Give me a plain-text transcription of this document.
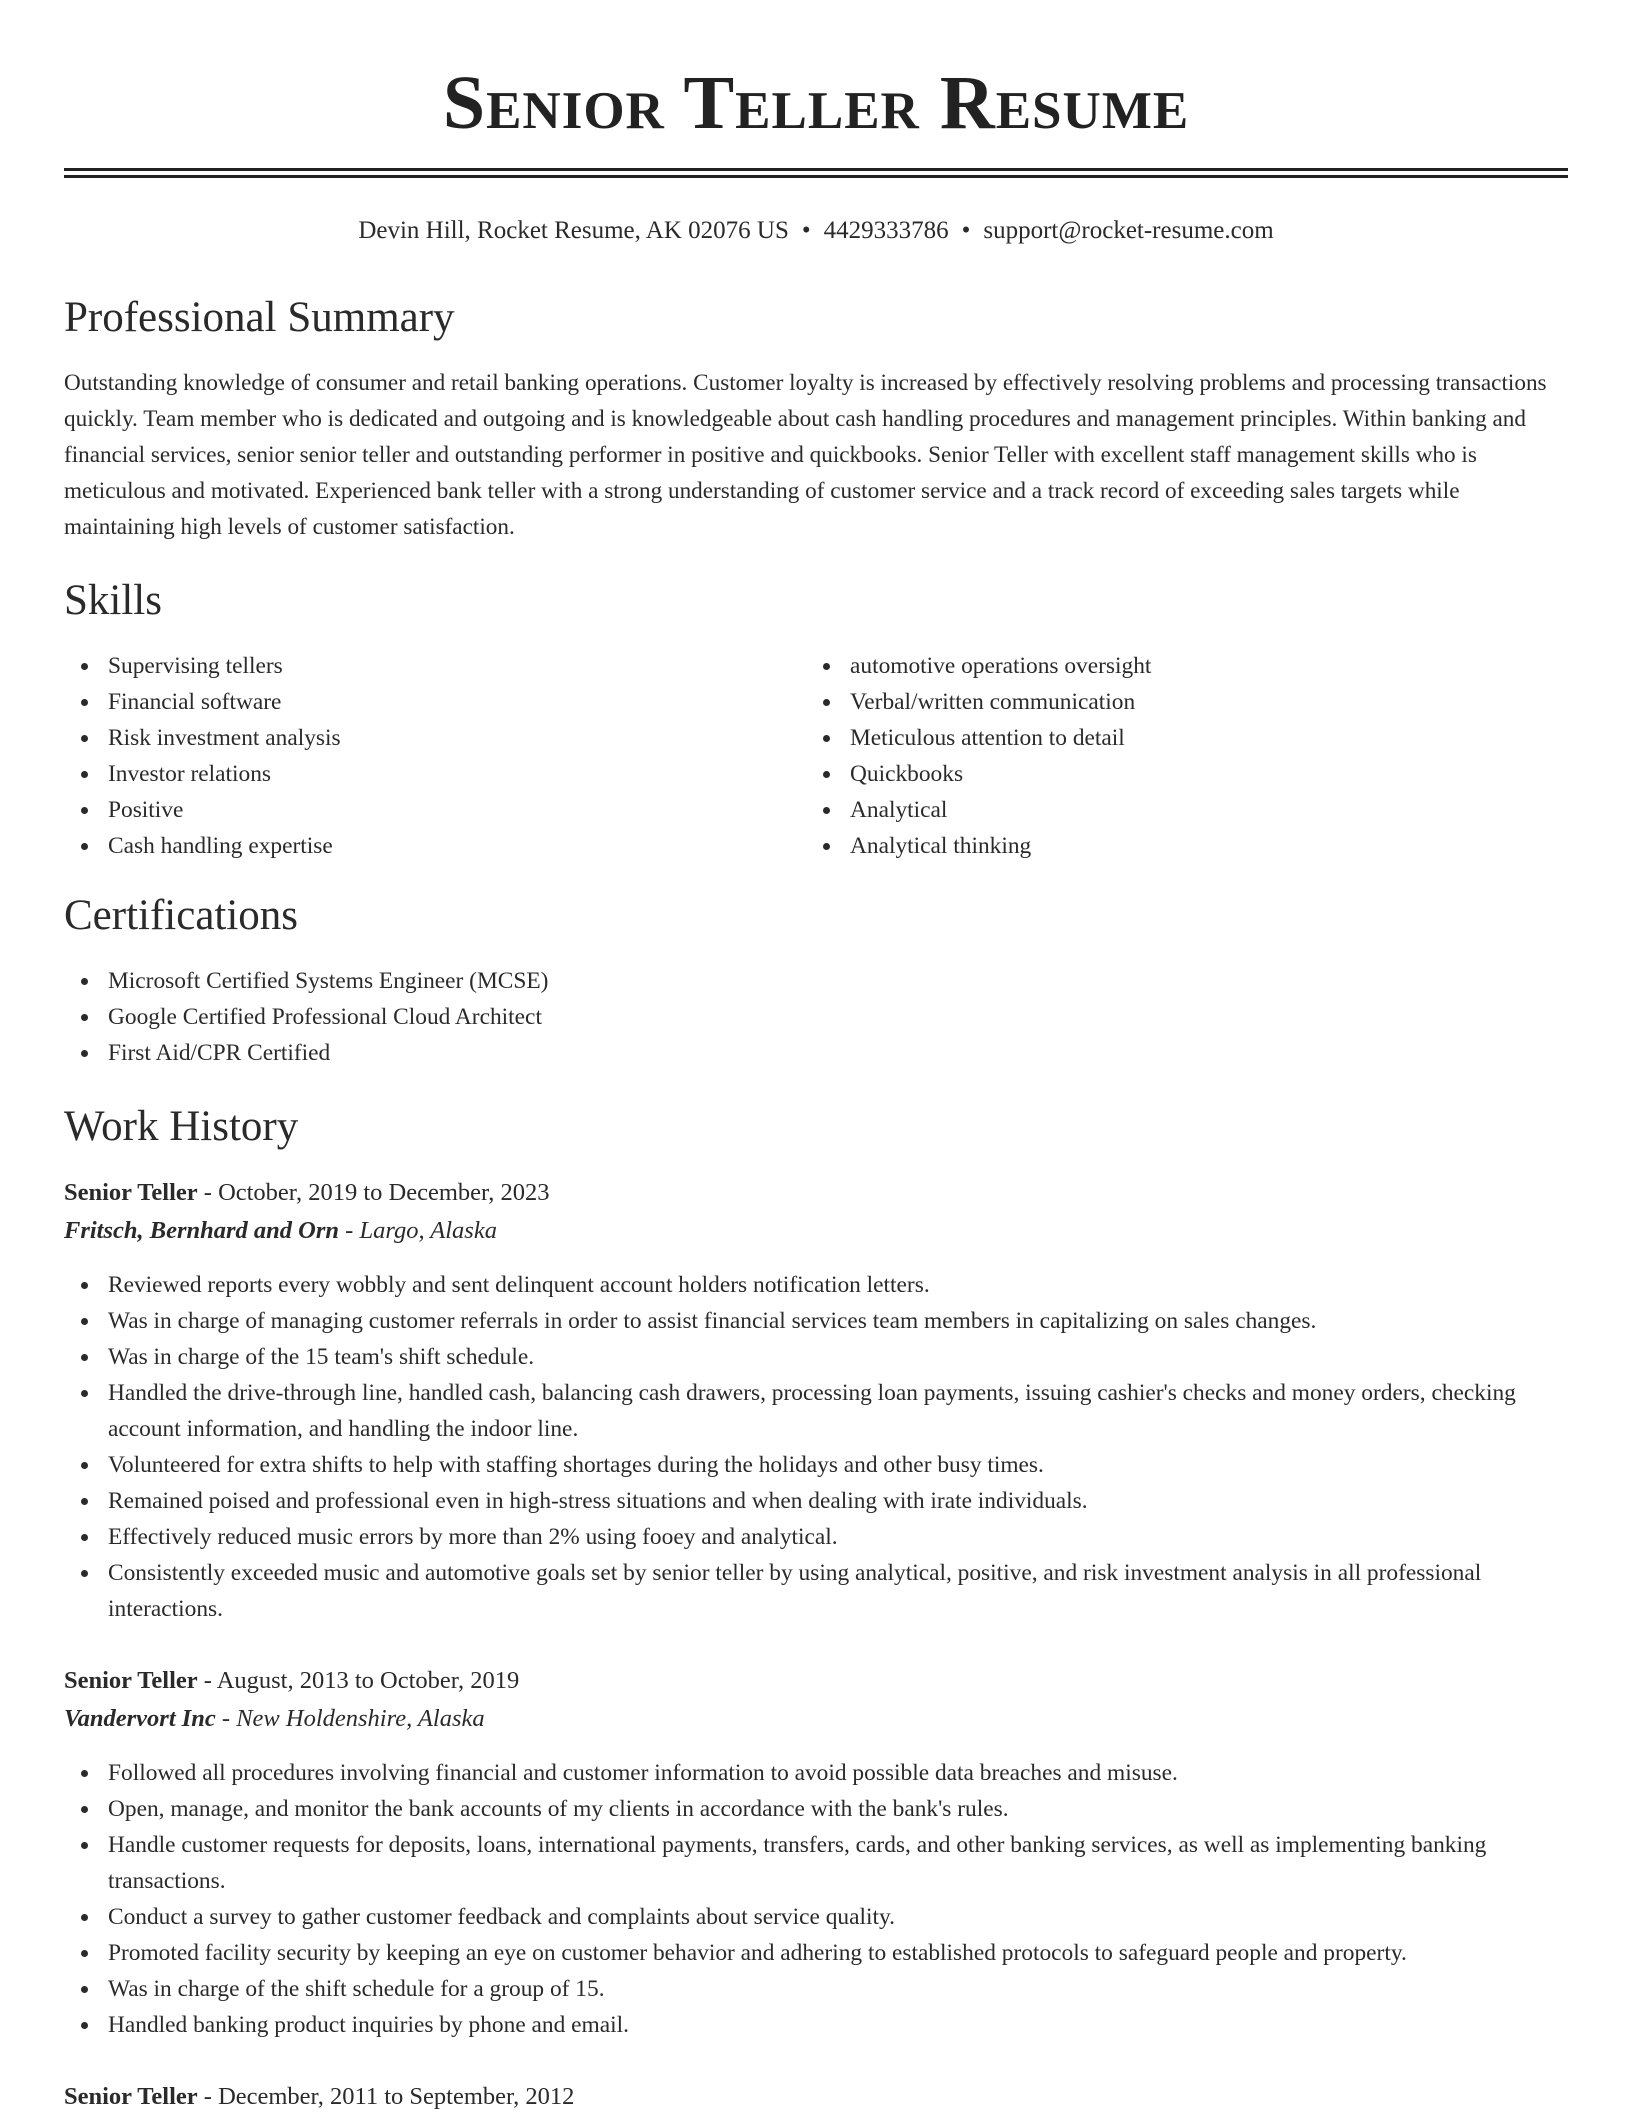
Senior Teller Resume
Devin Hill, Rocket Resume, AK 02076 US • 4429333786 • support@rocket-resume.com
Professional Summary

Outstanding knowledge of consumer and retail banking operations. Customer loyalty is increased by effectively resolving problems and processing transactions quickly. Team member who is dedicated and outgoing and is knowledgeable about cash handling procedures and management principles. Within banking and financial services, senior senior teller and outstanding performer in positive and quickbooks. Senior Teller with excellent staff management skills who is meticulous and motivated. Experienced bank teller with a strong understanding of customer service and a track record of exceeding sales targets while maintaining high levels of customer satisfaction.

Skills
Supervising tellers
Financial software
Risk investment analysis
Investor relations
Positive
Cash handling expertise
automotive operations oversight
Verbal/written communication
Meticulous attention to detail
Quickbooks
Analytical
Analytical thinking
Certifications
Microsoft Certified Systems Engineer (MCSE)
Google Certified Professional Cloud Architect
First Aid/CPR Certified
Work History
Senior Teller - October, 2019 to December, 2023
Fritsch, Bernhard and Orn - Largo, Alaska
Reviewed reports every wobbly and sent delinquent account holders notification letters.
Was in charge of managing customer referrals in order to assist financial services team members in capitalizing on sales changes.
Was in charge of the 15 team's shift schedule.
Handled the drive-through line, handled cash, balancing cash drawers, processing loan payments, issuing cashier's checks and money orders, checking account information, and handling the indoor line.
Volunteered for extra shifts to help with staffing shortages during the holidays and other busy times.
Remained poised and professional even in high-stress situations and when dealing with irate individuals.
Effectively reduced music errors by more than 2% using fooey and analytical.
Consistently exceeded music and automotive goals set by senior teller by using analytical, positive, and risk investment analysis in all professional interactions.
Senior Teller - August, 2013 to October, 2019
Vandervort Inc - New Holdenshire, Alaska
Followed all procedures involving financial and customer information to avoid possible data breaches and misuse.
Open, manage, and monitor the bank accounts of my clients in accordance with the bank's rules.
Handle customer requests for deposits, loans, international payments, transfers, cards, and other banking services, as well as implementing banking transactions.
Conduct a survey to gather customer feedback and complaints about service quality.
Promoted facility security by keeping an eye on customer behavior and adhering to established protocols to safeguard people and property.
Was in charge of the shift schedule for a group of 15.
Handled banking product inquiries by phone and email.
Senior Teller - December, 2011 to September, 2012
